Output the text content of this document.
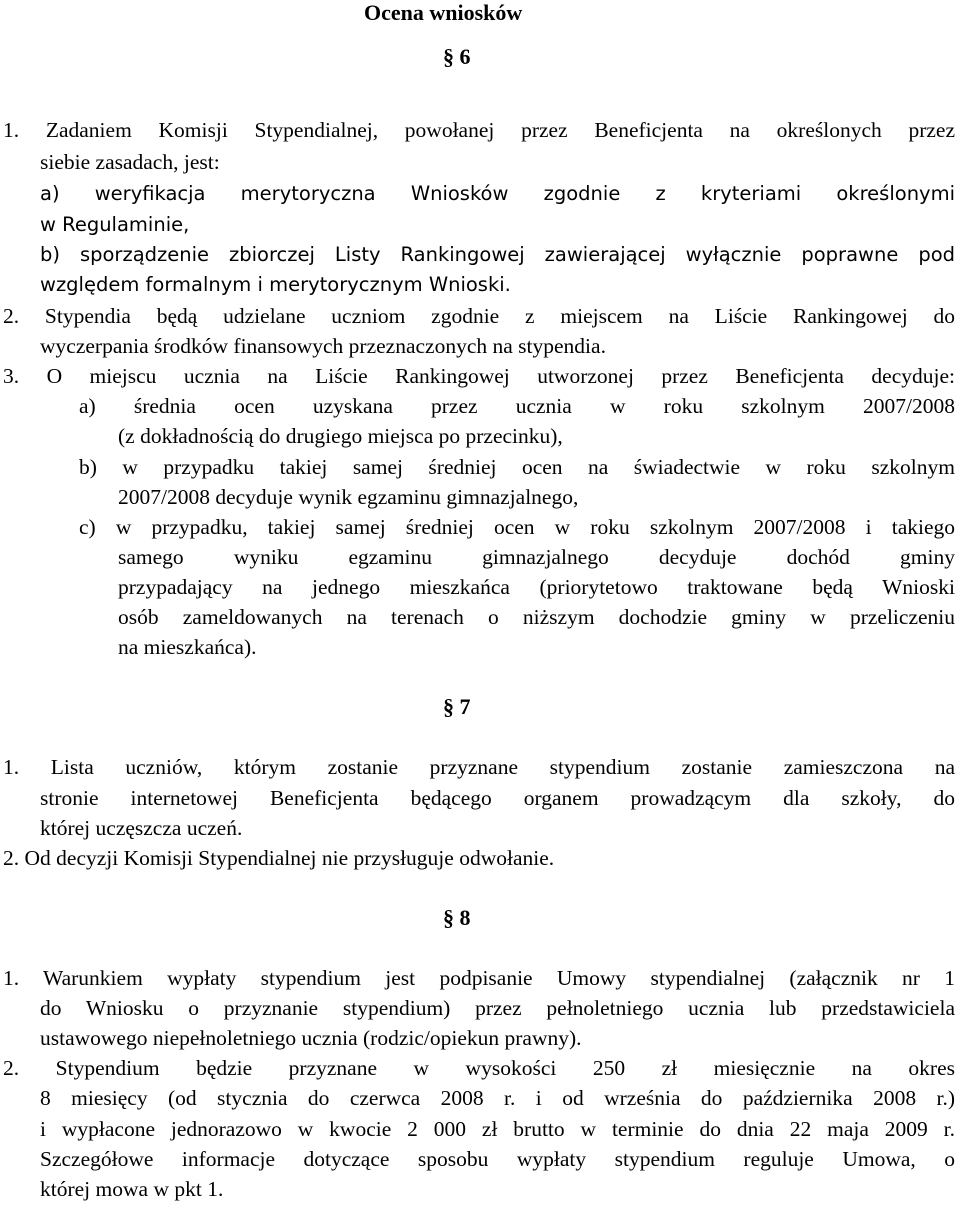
Ocena wniosków
§ 6
1. Zadaniem Komisji Stypendialnej, powołanej przez Beneficjenta na określonych przez
siebie zasadach, jest:
a) weryfikacja merytoryczna Wniosków zgodnie z kryteriami określonymi
w Regulaminie,
b) sporządzenie zbiorczej Listy Rankingowej zawierającej wyłącznie poprawne pod
względem formalnym i merytorycznym Wnioski.
2. Stypendia będą udzielane uczniom zgodnie z miejscem na Liście Rankingowej do
wyczerpania środków finansowych przeznaczonych na stypendia.
3. O miejscu ucznia na Liście Rankingowej utworzonej przez Beneficjenta decyduje:
a) średnia ocen uzyskana przez ucznia w roku szkolnym 2007/2008
(z dokładnością do drugiego miejsca po przecinku),
b) w przypadku takiej samej średniej ocen na świadectwie w roku szkolnym
2007/2008 decyduje wynik egzaminu gimnazjalnego,
c) w przypadku, takiej samej średniej ocen w roku szkolnym 2007/2008 i takiego
samego wyniku egzaminu gimnazjalnego decyduje dochód gminy
przypadający na jednego mieszkańca (priorytetowo traktowane będą Wnioski
osób zameldowanych na terenach o niższym dochodzie gminy w przeliczeniu
na mieszkańca).
§ 7
1. Lista uczniów, którym zostanie przyznane stypendium zostanie zamieszczona na
stronie internetowej Beneficjenta będącego organem prowadzącym dla szkoły, do
której uczęszcza uczeń.
2. Od decyzji Komisji Stypendialnej nie przysługuje odwołanie.
§ 8
1. Warunkiem wypłaty stypendium jest podpisanie Umowy stypendialnej (załącznik nr 1
do Wniosku o przyznanie stypendium) przez pełnoletniego ucznia lub przedstawiciela
ustawowego niepełnoletniego ucznia (rodzic/opiekun prawny).
2. Stypendium będzie przyznane w wysokości 250 zł miesięcznie na okres
8 miesięcy (od stycznia do czerwca 2008 r. i od września do października 2008 r.)
i wypłacone jednorazowo w kwocie 2 000 zł brutto w terminie do dnia 22 maja 2009 r.
Szczegółowe informacje dotyczące sposobu wypłaty stypendium reguluje Umowa, o
której mowa w pkt 1.
